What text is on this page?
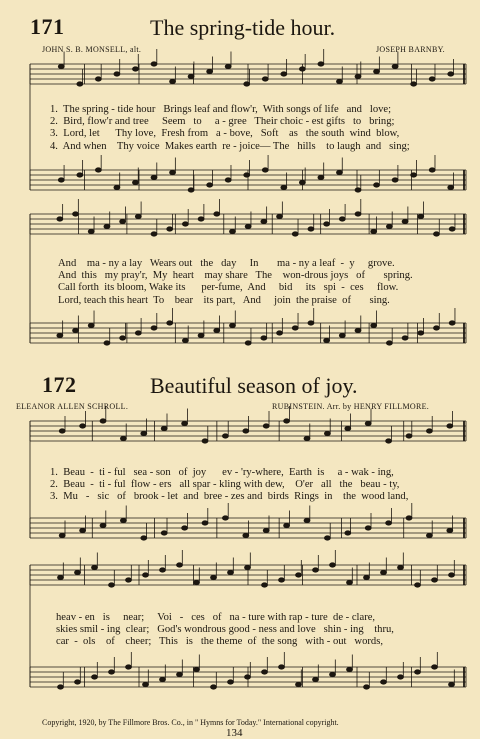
171	The spring-tide hour.
JOHN S. B. MONSELL, alt.	JOSEPH BARNBY.
172	Beautiful season of joy.
ELEANOR ALLEN SCHROLL.	RUBINSTEIN. Arr. by HENRY FILLMORE.
1.  The spring - tide hour   Brings leaf and flow'r,  With songs of life   and   love;
2.  Bird, flow'r and tree     Seem   to     a - gree   Their choic - est gifts   to   bring;
3.  Lord, let      Thy love,  Fresh from   a - bove,   Soft    as   the south  wind  blow,
4.  And when    Thy voice  Makes earth  re - joice— The   hills    to laugh  and   sing;
And    ma - ny a lay   Wears out   the   day     In       ma - ny a leaf  -  y     grove.
And  this   my pray'r,  My  heart    may share   The    won-drous joys   of       spring.
Call forth  its bloom, Wake its      per-fume,  And     bid     its   spi  -  ces     flow.
Lord, teach this heart  To    bear    its part,   And     join  the praise  of       sing.
1.  Beau  -  ti - ful   sea - son   of  joy      ev - 'ry-where,  Earth  is     a - wak - ing,
2.  Beau  -  ti - ful  flow - ers   all spar - kling with dew,    O'er   all   the   beau - ty,
3.  Mu   -   sic   of   brook - let  and  bree - zes and  birds  Rings  in    the  wood land,
heav - en   is     near;     Voi   -   ces   of   na - ture with rap - ture  de - clare,
skies smil - ing  clear;   God's wondrous good - ness and love   shin - ing    thru,
car  -  ols    of    cheer;   This   is   the theme  of  the song   with - out   words,
Copyright, 1920, by The Fillmore Bros. Co., in " Hymns for Today." International copyright.
134
